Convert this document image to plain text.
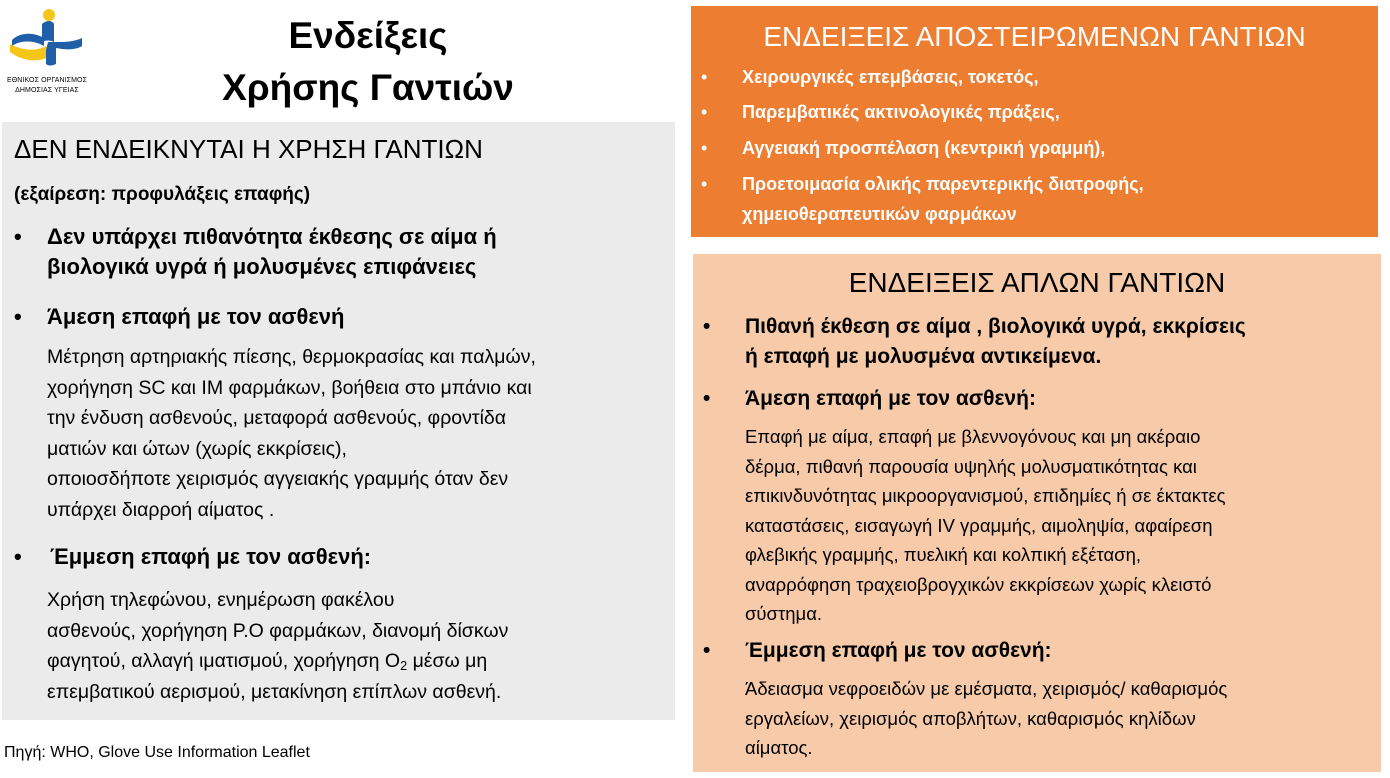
ΕΘΝΙΚΟΣ ΟΡΓΑΝΙΣΜΟΣ
ΔΗΜΟΣΙΑΣ ΥΓΕΙΑΣ
Ενδείξεις
Χρήσης Γαντιών
ΔΕΝ ΕΝΔΕΙΚΝΥΤΑΙ Η ΧΡΗΣΗ ΓΑΝΤΙΩΝ
(εξαίρεση: προφυλάξεις επαφής)
• Δεν υπάρχει πιθανότητα έκθεσης σε αίμα ή
βιολογικά υγρά ή μολυσμένες επιφάνειες
• Άμεση επαφή με τον ασθενή
Μέτρηση αρτηριακής πίεσης, θερμοκρασίας και παλμών,
χορήγηση SC και IM φαρμάκων, βοήθεια στο μπάνιο και
την ένδυση ασθενούς, μεταφορά ασθενούς, φροντίδα
ματιών και ώτων (χωρίς εκκρίσεις),
οποιοσδήποτε χειρισμός αγγειακής γραμμής όταν δεν
υπάρχει διαρροή αίματος .
• Έμμεση επαφή με τον ασθενή:
Χρήση τηλεφώνου, ενημέρωση φακέλου
ασθενούς, χορήγηση P.O φαρμάκων, διανομή δίσκων
φαγητού, αλλαγή ιματισμού, χορήγηση $O_2$ μέσω μη
επεμβατικού αερισμού, μετακίνηση επίπλων ασθενή.
ΕΝΔΕΙΞΕΙΣ ΑΠΟΣΤΕΙΡΩΜΕΝΩΝ ΓΑΝΤΙΩΝ
• Χειρουργικές επεμβάσεις, τοκετός,
• Παρεμβατικές ακτινολογικές πράξεις,
• Αγγειακή προσπέλαση (κεντρική γραμμή),
• Προετοιμασία ολικής παρεντερικής διατροφής,
χημειοθεραπευτικών φαρμάκων
ΕΝΔΕΙΞΕΙΣ ΑΠΛΩΝ ΓΑΝΤΙΩΝ
• Πιθανή έκθεση σε αίμα , βιολογικά υγρά, εκκρίσεις
ή επαφή με μολυσμένα αντικείμενα.
• Άμεση επαφή με τον ασθενή:
Επαφή με αίμα, επαφή με βλεννογόνους και μη ακέραιο
δέρμα, πιθανή παρουσία υψηλής μολυσματικότητας και
επικινδυνότητας μικροοργανισμού, επιδημίες ή σε έκτακτες
καταστάσεις, εισαγωγή IV γραμμής, αιμοληψία, αφαίρεση
φλεβικής γραμμής, πυελική και κολπική εξέταση,
αναρρόφηση τραχειοβρογχικών εκκρίσεων χωρίς κλειστό
σύστημα.
• Έμμεση επαφή με τον ασθενή:
Άδειασμα νεφροειδών με εμέσματα, χειρισμός/ καθαρισμός
εργαλείων, χειρισμός αποβλήτων, καθαρισμός κηλίδων
αίματος.
Πηγή: WHO, Glove Use Information Leaflet
